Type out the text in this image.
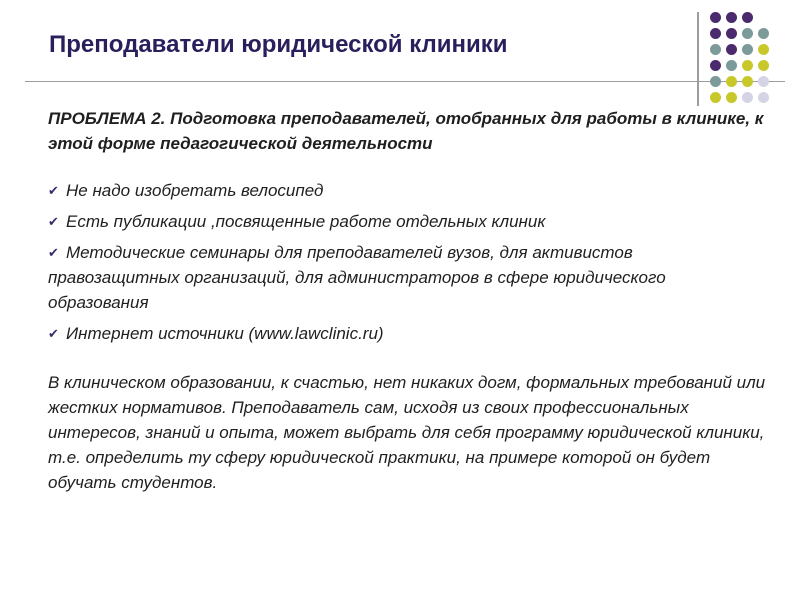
Преподаватели юридической клиники
ПРОБЛЕМА 2. Подготовка преподавателей, отобранных для работы в клинике, к этой форме педагогической деятельности
✔ Не надо изобретать велосипед
✔ Есть публикации ,посвященные работе отдельных клиник
✔ Методические семинары для преподавателей вузов, для активистов правозащитных организаций, для администраторов в сфере юридического образования
✔ Интернет источники (www.lawclinic.ru)
В клиническом образовании, к счастью, нет никаких догм, формальных требований или жестких нормативов. Преподаватель сам, исходя из своих профессиональных интересов, знаний и опыта, может выбрать для себя программу юридической клиники, т.е. определить ту сферу юридической практики, на примере которой он будет обучать студентов.
